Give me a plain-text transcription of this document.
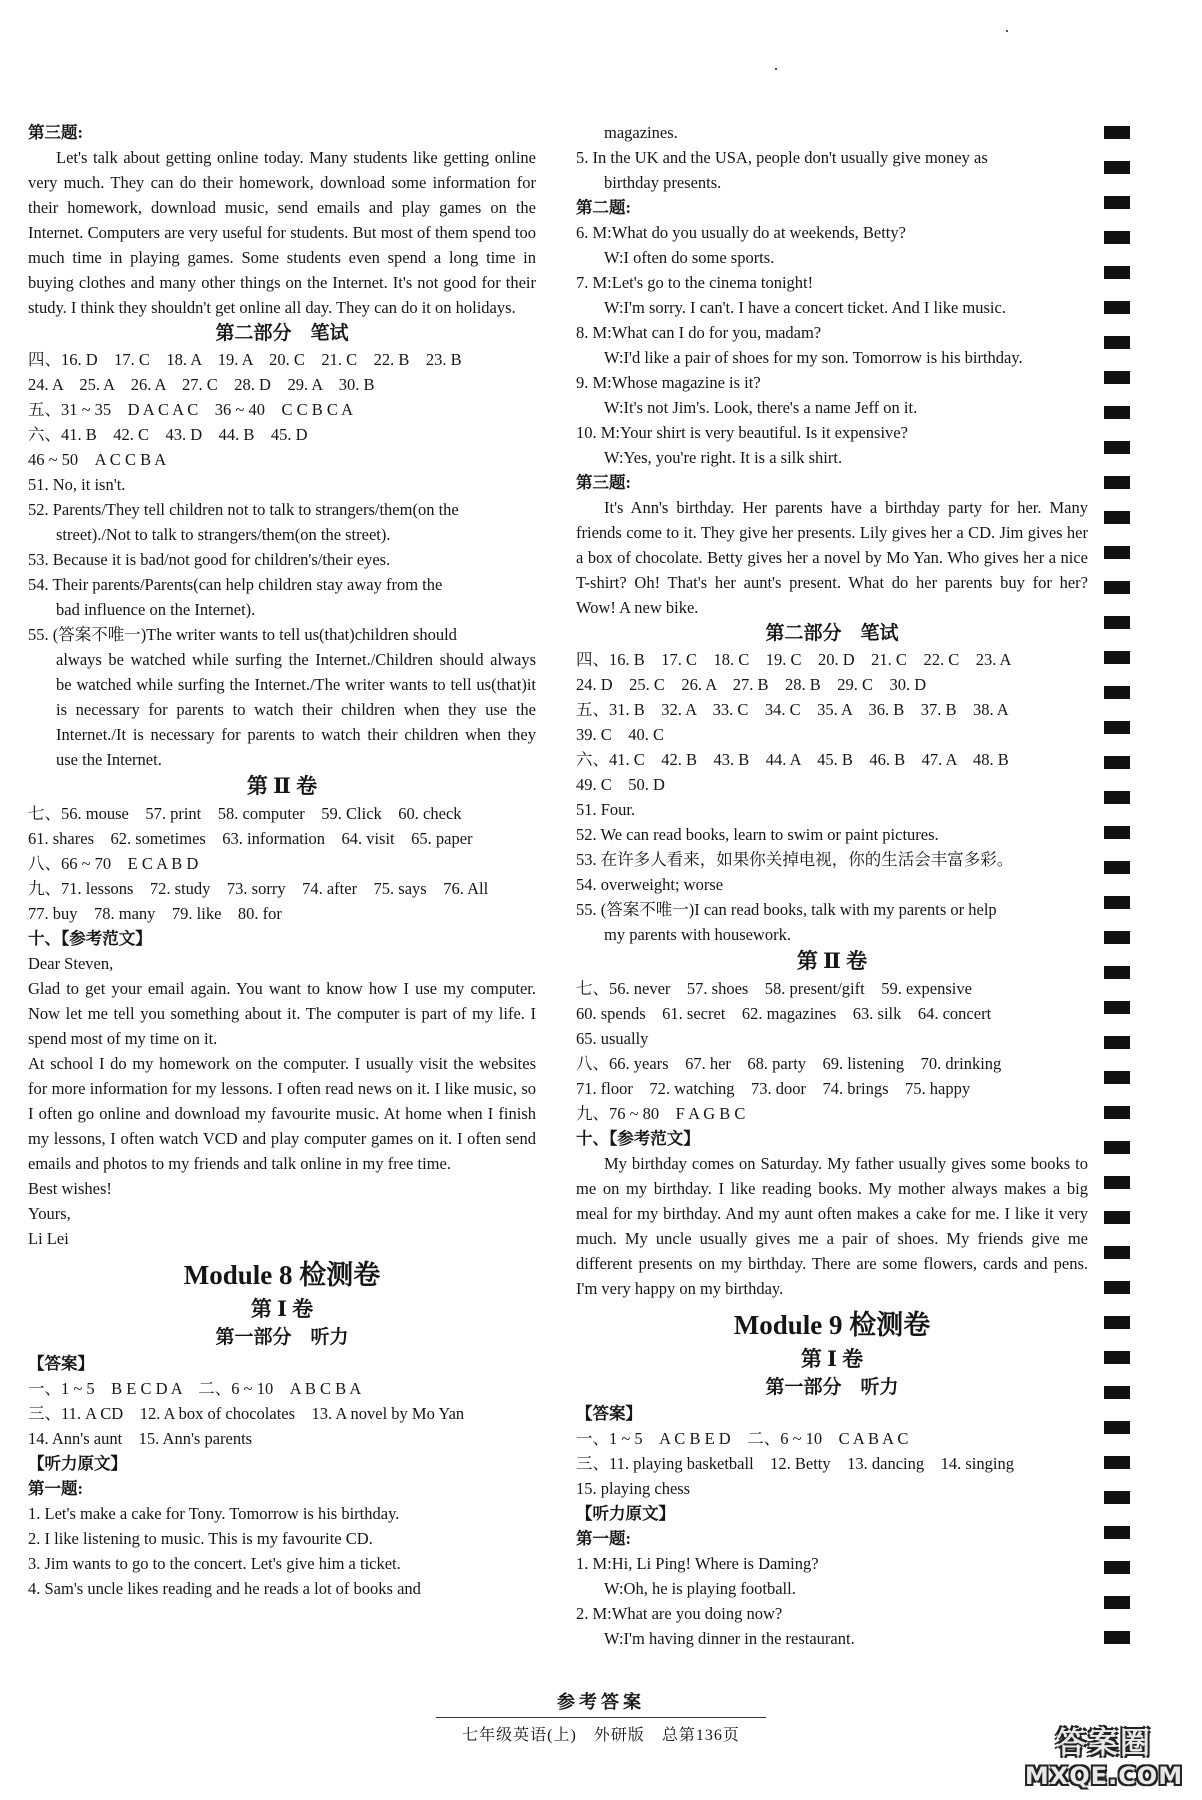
第三题:

Let's talk about getting online today. Many students like getting online very much. They can do their homework, download some information for their homework, download music, send emails and play games on the Internet. Computers are very useful for students. But most of them spend too much time in playing games. Some students even spend a long time in buying clothes and many other things on the Internet. It's not good for their study. I think they shouldn't get online all day. They can do it on holidays.

第二部分　笔试

四、16. D　17. C　18. A　19. A　20. C　21. C　22. B　23. B

24. A　25. A　26. A　27. C　28. D　29. A　30. B

五、31 ~ 35　D A C A C　36 ~ 40　C C B C A

六、41. B　42. C　43. D　44. B　45. D

46 ~ 50　A C C B A

51. No, it isn't.

52. Parents/They tell children not to talk to strangers/them(on the

street)./Not to talk to strangers/them(on the street).

53. Because it is bad/not good for children's/their eyes.

54. Their parents/Parents(can help children stay away from the

bad influence on the Internet).

55. (答案不唯一)The writer wants to tell us(that)children should

always be watched while surfing the Internet./Children should always be watched while surfing the Internet./The writer wants to tell us(that)it is necessary for parents to watch their children when they use the Internet./It is necessary for parents to watch their children when they use the Internet.

第 Ⅱ 卷

七、56. mouse　57. print　58. computer　59. Click　60. check

61. shares　62. sometimes　63. information　64. visit　65. paper

八、66 ~ 70　E C A B D

九、71. lessons　72. study　73. sorry　74. after　75. says　76. All

77. buy　78. many　79. like　80. for

十、【参考范文】

Dear Steven,

Glad to get your email again. You want to know how I use my computer. Now let me tell you something about it. The computer is part of my life. I spend most of my time on it.

At school I do my homework on the computer. I usually visit the websites for more information for my lessons. I often read news on it. I like music, so I often go online and download my favourite music. At home when I finish my lessons, I often watch VCD and play computer games on it. I often send emails and photos to my friends and talk online in my free time.

Best wishes!

Yours,

Li Lei

Module 8 检测卷

第 Ⅰ 卷

第一部分　听力

【答案】

一、1 ~ 5　B E C D A　二、6 ~ 10　A B C B A

三、11. A CD　12. A box of chocolates　13. A novel by Mo Yan

14. Ann's aunt　15. Ann's parents

【听力原文】

第一题:

1. Let's make a cake for Tony. Tomorrow is his birthday.

2. I like listening to music. This is my favourite CD.

3. Jim wants to go to the concert. Let's give him a ticket.

4. Sam's uncle likes reading and he reads a lot of books and

magazines.

5. In the UK and the USA, people don't usually give money as

birthday presents.

第二题:

6. M:What do you usually do at weekends, Betty?

W:I often do some sports.

7. M:Let's go to the cinema tonight!

W:I'm sorry. I can't. I have a concert ticket. And I like music.

8. M:What can I do for you, madam?

W:I'd like a pair of shoes for my son. Tomorrow is his birthday.

9. M:Whose magazine is it?

W:It's not Jim's. Look, there's a name Jeff on it.

10. M:Your shirt is very beautiful. Is it expensive?

W:Yes, you're right. It is a silk shirt.

第三题:

It's Ann's birthday. Her parents have a birthday party for her. Many friends come to it. They give her presents. Lily gives her a CD. Jim gives her a box of chocolate. Betty gives her a novel by Mo Yan. Who gives her a nice T-shirt? Oh! That's her aunt's present. What do her parents buy for her? Wow! A new bike.

第二部分　笔试

四、16. B　17. C　18. C　19. C　20. D　21. C　22. C　23. A

24. D　25. C　26. A　27. B　28. B　29. C　30. D

五、31. B　32. A　33. C　34. C　35. A　36. B　37. B　38. A

39. C　40. C

六、41. C　42. B　43. B　44. A　45. B　46. B　47. A　48. B

49. C　50. D

51. Four.

52. We can read books, learn to swim or paint pictures.

53. 在许多人看来，如果你关掉电视，你的生活会丰富多彩。

54. overweight; worse

55. (答案不唯一)I can read books, talk with my parents or help

my parents with housework.

第 Ⅱ 卷

七、56. never　57. shoes　58. present/gift　59. expensive

60. spends　61. secret　62. magazines　63. silk　64. concert

65. usually

八、66. years　67. her　68. party　69. listening　70. drinking

71. floor　72. watching　73. door　74. brings　75. happy

九、76 ~ 80　F A G B C

十、【参考范文】

My birthday comes on Saturday. My father usually gives some books to me on my birthday. I like reading books. My mother always makes a big meal for my birthday. And my aunt often makes a cake for me. I like it very much. My uncle usually gives me a pair of shoes. My friends give me different presents on my birthday. There are some flowers, cards and pens. I'm very happy on my birthday.

Module 9 检测卷

第 Ⅰ 卷

第一部分　听力

【答案】

一、1 ~ 5　A C B E D　二、6 ~ 10　C A B A C

三、11. playing basketball　12. Betty　13. dancing　14. singing

15. playing chess

【听力原文】

第一题:

1. M:Hi, Li Ping! Where is Daming?

W:Oh, he is playing football.

2. M:What are you doing now?

W:I'm having dinner in the restaurant.

参考答案
七年级英语(上)　外研版　总第136页	答案圈
MXQE.COM
